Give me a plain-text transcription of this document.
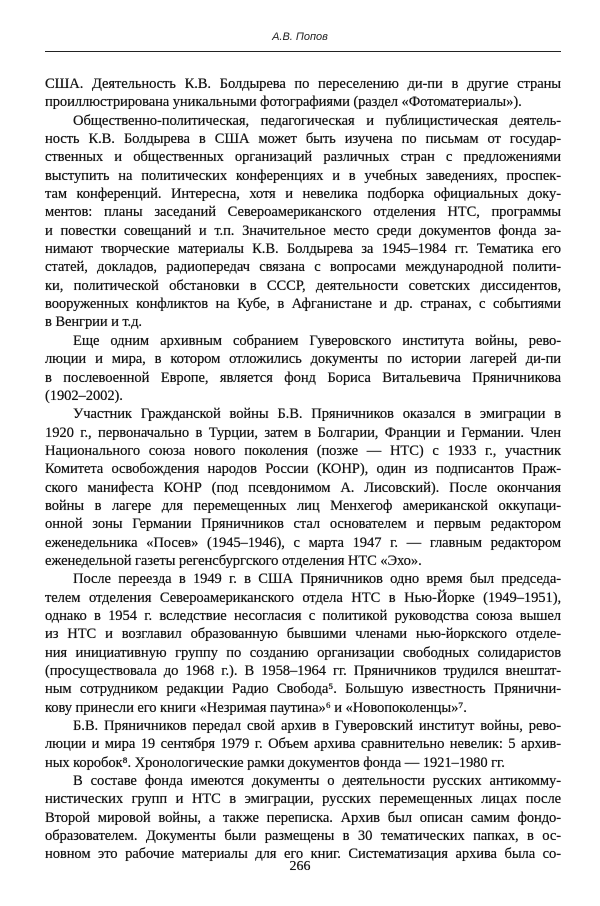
А.В. Попов
США. Деятельность К.В. Болдырева по переселению ди-пи в другие страны
проиллюстрирована уникальными фотографиями (раздел «Фотоматериалы»).
Общественно-политическая, педагогическая и публицистическая деятель-
ность К.В. Болдырева в США может быть изучена по письмам от государ-
ственных и общественных организаций различных стран с предложениями
выступить на политических конференциях и в учебных заведениях, проспек-
там конференций. Интересна, хотя и невелика подборка официальных доку-
ментов: планы заседаний Североамериканского отделения НТС, программы
и повестки совещаний и т.п. Значительное место среди документов фонда за-
нимают творческие материалы К.В. Болдырева за 1945–1984 гг. Тематика его
статей, докладов, радиопередач связана с вопросами международной полити-
ки, политической обстановки в СССР, деятельности советских диссидентов,
вооруженных конфликтов на Кубе, в Афганистане и др. странах, с событиями
в Венгрии и т.д.
Еще одним архивным собранием Гуверовского института войны, рево-
люции и мира, в котором отложились документы по истории лагерей ди-пи
в послевоенной Европе, является фонд Бориса Витальевича Пряничникова
(1902–2002).
Участник Гражданской войны Б.В. Пряничников оказался в эмиграции в
1920 г., первоначально в Турции, затем в Болгарии, Франции и Германии. Член
Национального союза нового поколения (позже — НТС) с 1933 г., участник
Комитета освобождения народов России (КОНР), один из подписантов Праж-
ского манифеста КОНР (под псевдонимом А. Лисовский). После окончания
войны в лагере для перемещенных лиц Менхегоф американской оккупаци-
онной зоны Германии Пряничников стал основателем и первым редактором
еженедельника «Посев» (1945–1946), с марта 1947 г. — главным редактором
еженедельной газеты регенсбургского отделения НТС «Эхо».
После переезда в 1949 г. в США Пряничников одно время был председа-
телем отделения Североамериканского отдела НТС в Нью-Йорке (1949–1951),
однако в 1954 г. вследствие несогласия с политикой руководства союза вышел
из НТС и возглавил образованную бывшими членами нью-йоркского отделе-
ния инициативную группу по созданию организации свободных солидаристов
(просуществовала до 1968 г.). В 1958–1964 гг. Пряничников трудился внештат-
ным сотрудником редакции Радио Свобода⁵. Большую известность Прянични-
кову принесли его книги «Незримая паутина»⁶ и «Новопоколенцы»⁷.
Б.В. Пряничников передал свой архив в Гуверовский институт войны, рево-
люции и мира 19 сентября 1979 г. Объем архива сравнительно невелик: 5 архив-
ных коробок⁸. Хронологические рамки документов фонда — 1921–1980 гг.
В составе фонда имеются документы о деятельности русских антикомму-
нистических групп и НТС в эмиграции, русских перемещенных лицах после
Второй мировой войны, а также переписка. Архив был описан самим фондо-
образователем. Документы были размещены в 30 тематических папках, в ос-
новном это рабочие материалы для его книг. Систематизация архива была со-
266
